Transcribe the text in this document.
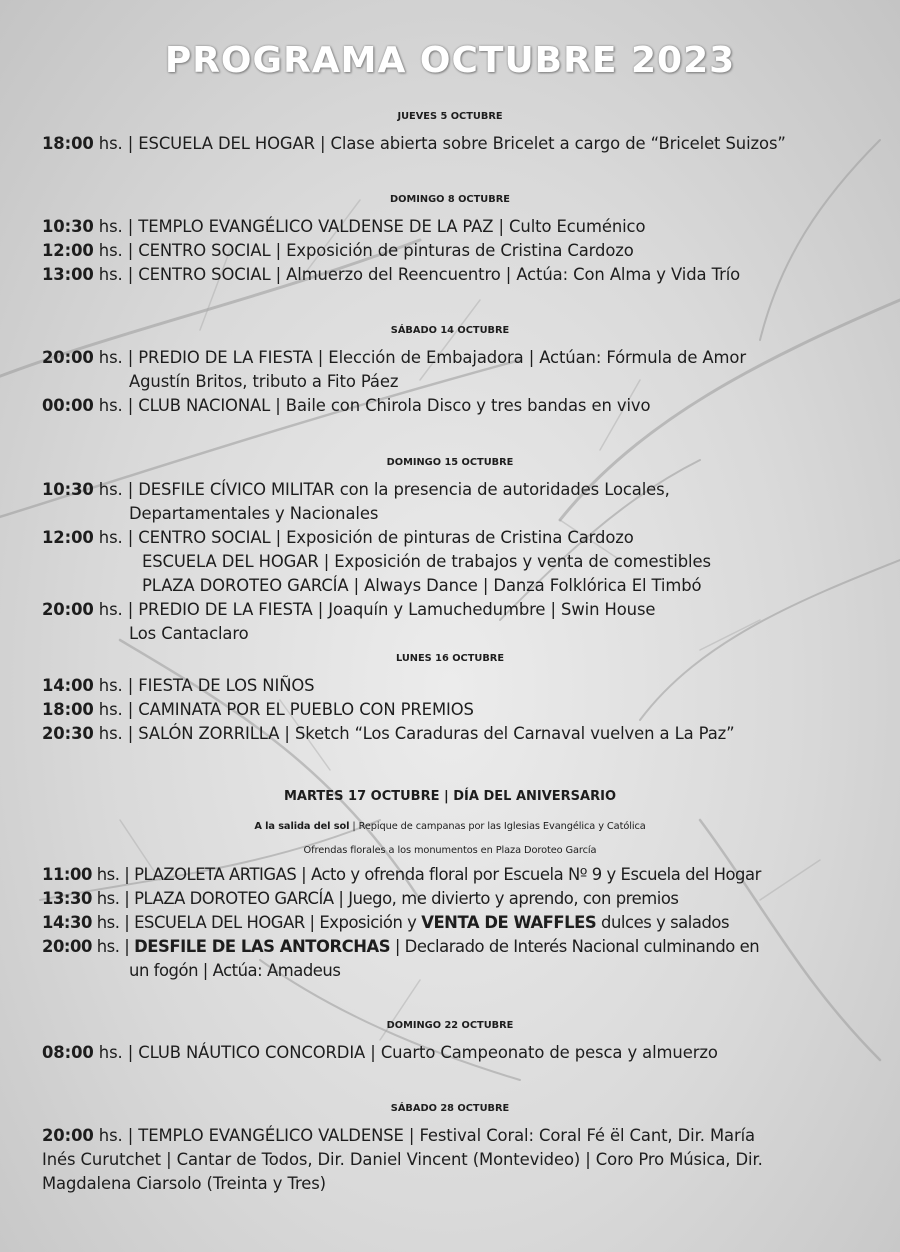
PROGRAMA OCTUBRE 2023
JUEVES 5 OCTUBRE
18:00 hs. | ESCUELA DEL HOGAR | Clase abierta sobre Bricelet a cargo de “Bricelet Suizos”
DOMINGO 8 OCTUBRE
10:30 hs. | TEMPLO EVANGÉLICO VALDENSE DE LA PAZ | Culto Ecuménico
12:00 hs. | CENTRO SOCIAL | Exposición de pinturas de Cristina Cardozo
13:00 hs. | CENTRO SOCIAL | Almuerzo del Reencuentro | Actúa: Con Alma y Vida Trío
SÁBADO 14 OCTUBRE
20:00 hs. | PREDIO DE LA FIESTA | Elección de Embajadora | Actúan: Fórmula de Amor
Agustín Britos, tributo a Fito Páez
00:00 hs. | CLUB NACIONAL | Baile con Chirola Disco y tres bandas en vivo
DOMINGO 15 OCTUBRE
10:30 hs. | DESFILE CÍVICO MILITAR con la presencia de autoridades Locales,
Departamentales y Nacionales
12:00 hs. | CENTRO SOCIAL | Exposición de pinturas de Cristina Cardozo
ESCUELA DEL HOGAR | Exposición de trabajos y venta de comestibles
PLAZA DOROTEO GARCÍA | Always Dance | Danza Folklórica El Timbó
20:00 hs. | PREDIO DE LA FIESTA | Joaquín y Lamuchedumbre | Swin House
Los Cantaclaro
LUNES 16 OCTUBRE
14:00 hs. | FIESTA DE LOS NIÑOS
18:00 hs. | CAMINATA POR EL PUEBLO CON PREMIOS
20:30 hs. | SALÓN ZORRILLA | Sketch “Los Caraduras del Carnaval vuelven a La Paz”
MARTES 17 OCTUBRE | DÍA DEL ANIVERSARIO
A la salida del sol | Repique de campanas por las Iglesias Evangélica y Católica
Ofrendas florales a los monumentos en Plaza Doroteo García
11:00 hs. | PLAZOLETA ARTIGAS | Acto y ofrenda floral por Escuela Nº 9 y Escuela del Hogar
13:30 hs. | PLAZA DOROTEO GARCÍA | Juego, me divierto y aprendo, con premios
14:30 hs. | ESCUELA DEL HOGAR | Exposición y VENTA DE WAFFLES dulces y salados
20:00 hs. | DESFILE DE LAS ANTORCHAS | Declarado de Interés Nacional culminando en
un fogón | Actúa: Amadeus
DOMINGO 22 OCTUBRE
08:00 hs. | CLUB NÁUTICO CONCORDIA | Cuarto Campeonato de pesca y almuerzo
SÁBADO 28 OCTUBRE
20:00 hs. | TEMPLO EVANGÉLICO VALDENSE | Festival Coral: Coral Fé ël Cant, Dir. María
Inés Curutchet | Cantar de Todos, Dir. Daniel Vincent (Montevideo) | Coro Pro Música, Dir.
Magdalena Ciarsolo (Treinta y Tres)
